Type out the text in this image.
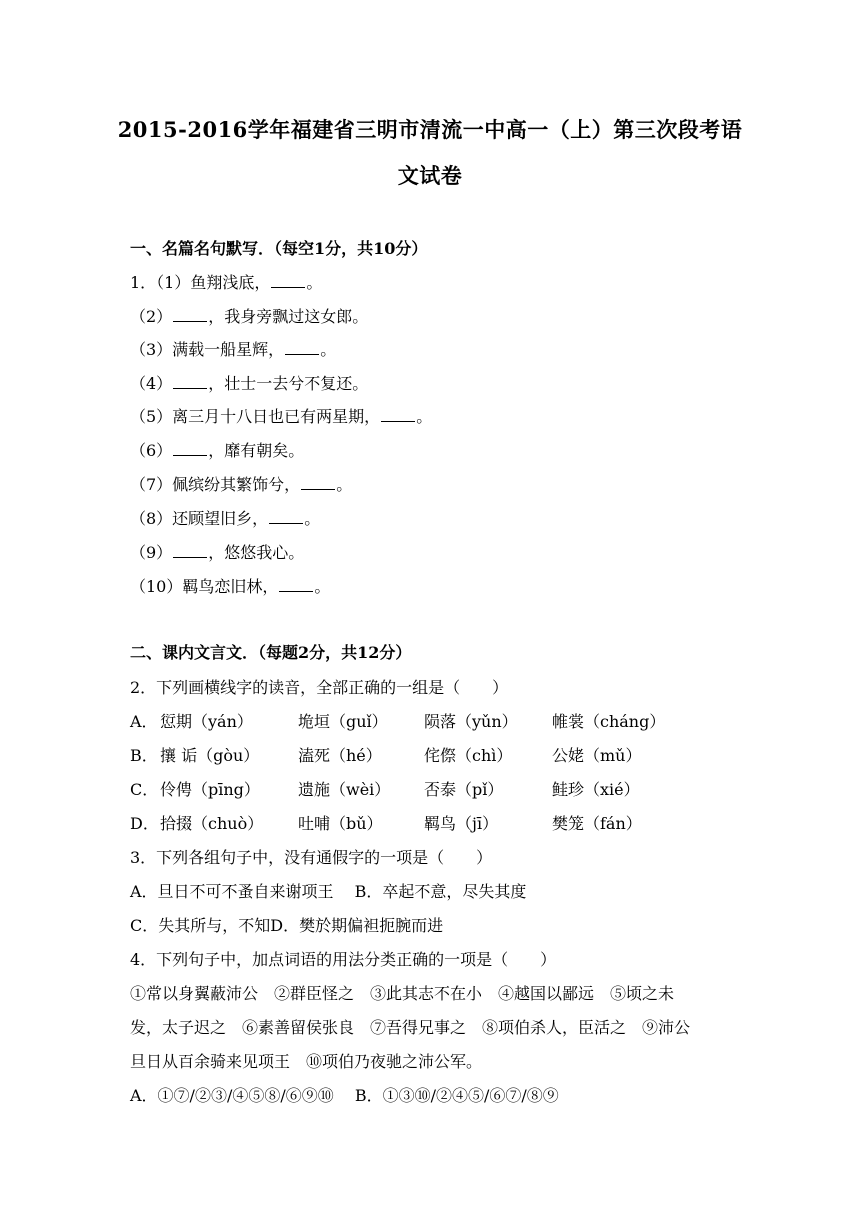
2015-2016学年福建省三明市清流一中高一（上）第三次段考语
文试卷
一、名篇名句默写．（每空1分，共10分）
1．（1）鱼翔浅底， 。
（2） ，我身旁飘过这女郎。
（3）满载一船星辉， 。
（4） ，壮士一去兮不复还。
（5）离三月十八日也已有两星期， 。
（6） ，靡有朝矣。
（7）佩缤纷其繁饰兮， 。
（8）还顾望旧乡， 。
（9） ，悠悠我心。
（10）羁鸟恋旧林， 。
二、课内文言文．（每题2分，共12分）
2．下列画横线字的读音，全部正确的一组是（　　）
A． 愆期（yán）	垝垣（guǐ） 陨落（yǔn） 帷裳（cháng）
B． 攘 诟（gòu） 溘死（hé）	侘傺（chì） 公姥（mǔ）
C． 伶俜（pīng） 遗施（wèi） 否泰（pǐ）	鲑珍（xié）
D．拾掇（chuò） 吐哺（bǔ）	羁鸟（jī）	樊笼（fán）
3．下列各组句子中，没有通假字的一项是（　　）
A．旦日不可不蚤自来谢项王　 B．卒起不意，尽失其度
C．失其所与，不知D．樊於期偏袒扼腕而进
4．下列句子中，加点词语的用法分类正确的一项是（　　）
①常以身翼蔽沛公　②群臣怪之　③此其志不在小　④越国以鄙远　⑤顷之未
发，太子迟之　⑥素善留侯张良　⑦吾得兄事之　⑧项伯杀人，臣活之　⑨沛公
旦日从百余骑来见项王　⑩项伯乃夜驰之沛公军。
A．①⑦/②③/④⑤⑧/⑥⑨⑩　 B．①③⑩/②④⑤/⑥⑦/⑧⑨
